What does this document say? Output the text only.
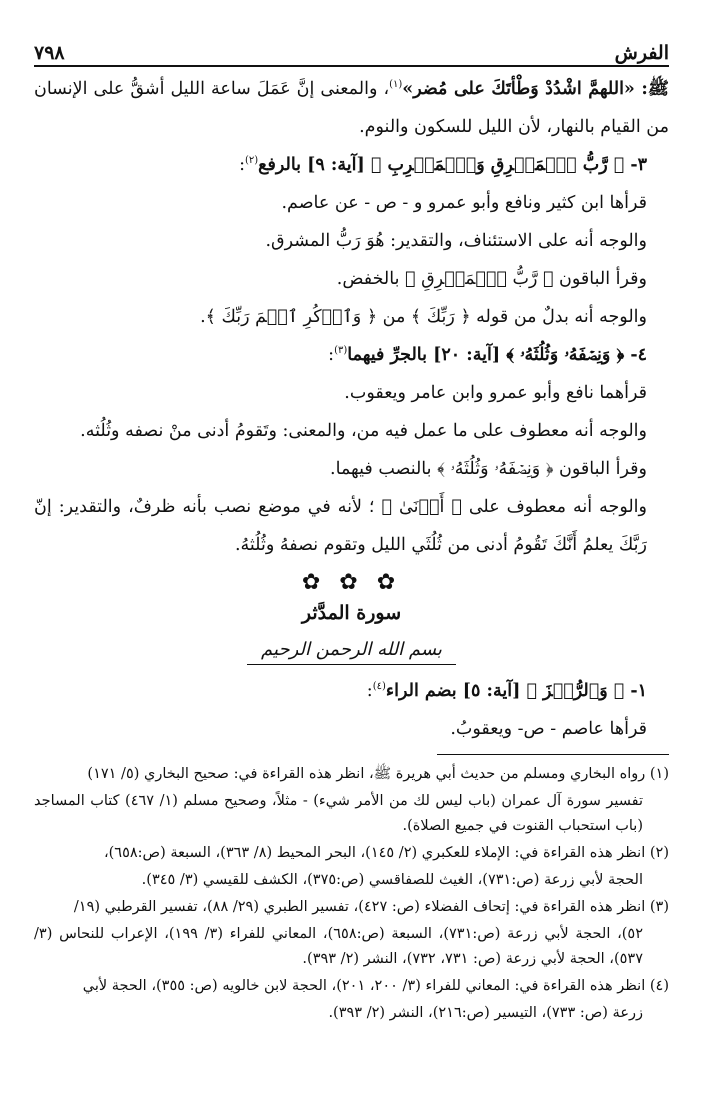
الفرش
٧٩٨

ﷺ: «اللهمَّ اشْدُدْ وَطْأتَكَ على مُضر»$^{(١)}$، والمعنى إنَّ عَمَلَ ساعة الليل أشقُّ على الإنسان من القيام بالنهار، لأن الليل للسكون والنوم.

٣- ﴿ رَّبُّ ٱلۡمَشۡرِقِ وَٱلۡمَغۡرِبِ ﴾ [آية: ٩] بالرفع$^{(٢)}$:

قرأها ابن كثير ونافع وأبو عمرو و - ص - عن عاصم.

والوجه أنه على الاستئناف، والتقدير: هُوَ رَبُّ المشرق.

وقرأ الباقون ﴿ رَّبُّ ٱلۡمَشۡرِقِ ﴾ بالخفض.

والوجه أنه بدلٌ من قوله ﴿ رَبِّكَ ﴾ من ﴿ وَٱذۡكُرِ ٱسۡمَ رَبِّكَ ﴾.

٤- ﴿ وَنِصۡفَهُۥ وَثُلُثَهُۥ ﴾ [آية: ٢٠] بالجرِّ فيهما$^{(٣)}$:

قرأهما نافع وأبو عمرو وابن عامر ويعقوب.

والوجه أنه معطوف على ما عمل فيه من، والمعنى: وتَقومُ أدنى منْ نصفه وثُلُثه.

وقرأ الباقون ﴿ وَنِصۡفَهُۥ وَثُلُثَهُۥ ﴾ بالنصب فيهما.

والوجه أنه معطوف على ﴿ أَدۡنَىٰ ﴾ ؛ لأنه في موضع نصب بأنه ظرفٌ، والتقدير: إنّ رَبَّكَ يعلمُ أَنَّكَ تَقُومُ أدنى من ثُلُثَي الليل وتقوم نصفهُ وثُلُثهُ.

✿ ✿ ✿
سورة المدَّثر
بسم الله الرحمن الرحيم

١- ﴿ وَٱلرُّجۡزَ ﴾ [آية: ٥] بضم الراء$^{(٤)}$:

قرأها عاصم - ص- ويعقوبُ.

(١) رواه البخاري ومسلم من حديث أبي هريرة ﷺ، انظر هذه القراءة في: صحيح البخاري (٥/ ١٧١)

تفسير سورة آل عمران (باب ليس لك من الأمر شيء) - مثلاً، وصحيح مسلم (١/ ٤٦٧) كتاب المساجد (باب استحباب القنوت في جميع الصلاة).

(٢) انظر هذه القراءة في: الإملاء للعكبري (٢/ ١٤٥)، البحر المحيط (٨/ ٣٦٣)، السبعة (ص:٦٥٨)،

الحجة لأبي زرعة (ص:٧٣١)، الغيث للصفاقسي (ص:٣٧٥)، الكشف للقيسي (٣/ ٣٤٥).

(٣) انظر هذه القراءة في: إتحاف الفضلاء (ص: ٤٢٧)، تفسير الطبري (٢٩/ ٨٨)، تفسير القرطبي (١٩/

٥٢)، الحجة لأبي زرعة (ص:٧٣١)، السبعة (ص:٦٥٨)، المعاني للفراء (٣/ ١٩٩)، الإعراب للنحاس (٣/ ٥٣٧)، الحجة لأبي زرعة (ص: ٧٣١، ٧٣٢)، النشر (٢/ ٣٩٣).

(٤) انظر هذه القراءة في: المعاني للفراء (٣/ ٢٠٠، ٢٠١)، الحجة لابن خالويه (ص: ٣٥٥)، الحجة لأبي

زرعة (ص: ٧٣٣)، التيسير (ص:٢١٦)، النشر (٢/ ٣٩٣).
